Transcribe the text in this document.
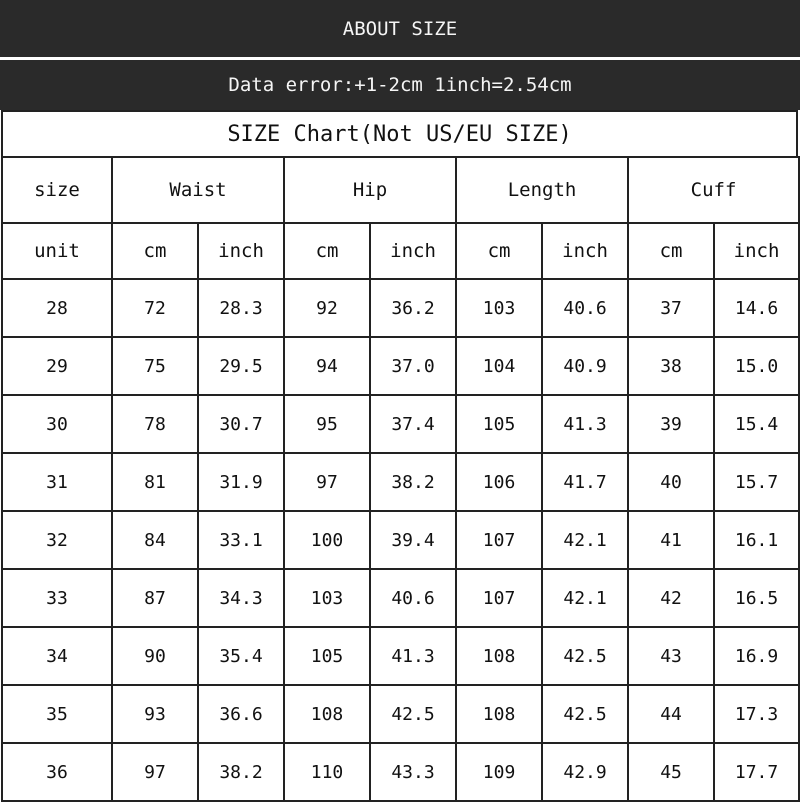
ABOUT SIZE
Data error:+1-2cm 1inch=2.54cm
SIZE Chart(Not US/EU SIZE)
size	Waist		Hip		Length		Cuff	
unit	cm	inch	cm	inch	cm	inch	cm	inch
28	72	28.3	92	36.2	103	40.6	37	14.6
29	75	29.5	94	37.0	104	40.9	38	15.0
30	78	30.7	95	37.4	105	41.3	39	15.4
31	81	31.9	97	38.2	106	41.7	40	15.7
32	84	33.1	100	39.4	107	42.1	41	16.1
33	87	34.3	103	40.6	107	42.1	42	16.5
34	90	35.4	105	41.3	108	42.5	43	16.9
35	93	36.6	108	42.5	108	42.5	44	17.3
36	97	38.2	110	43.3	109	42.9	45	17.7
